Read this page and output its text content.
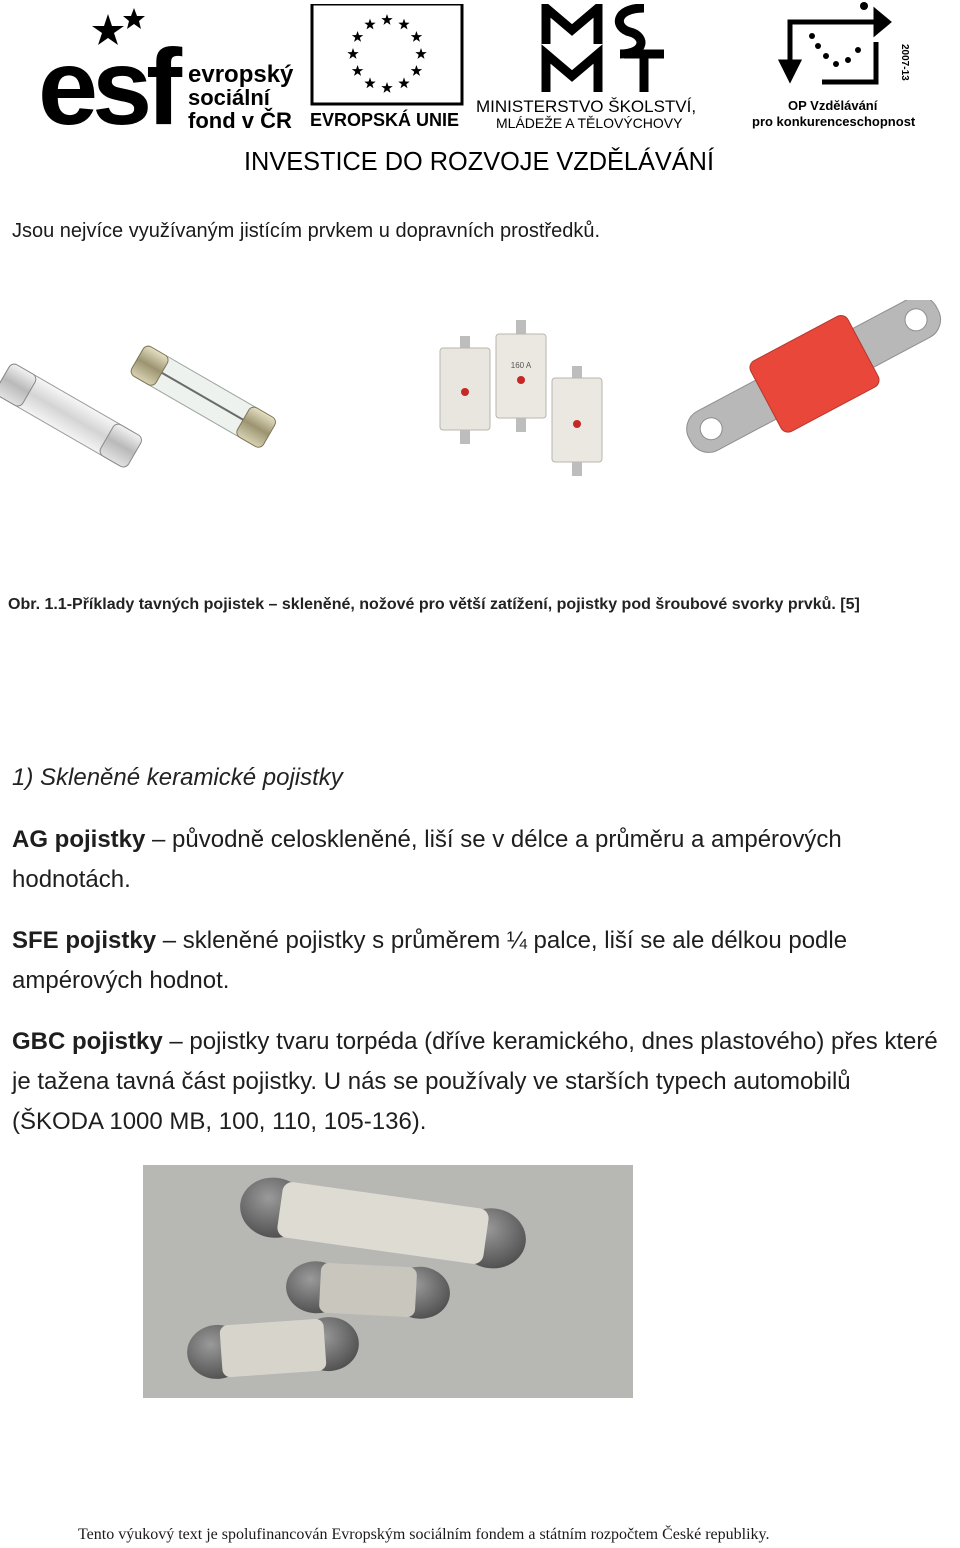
esf evropský
sociální
fond v ČR EVROPSKÁ UNIE
MINISTERSTVO ŠKOLSTVÍ,
MLÁDEŽE A TĚLOVÝCHOVY
2007-13
OP Vzdělávání
pro konkurenceschopnost
INVESTICE DO ROZVOJE VZDĚLÁVÁNÍ
Jsou nejvíce využívaným jistícím prvkem u dopravních prostředků.
160 A
Obr. 1.1-Příklady tavných pojistek – skleněné, nožové pro větší zatížení, pojistky pod šroubové svorky prvků. [5]
1) Skleněné keramické pojistky
AG pojistky – původně celoskleněné, liší se v délce a průměru a ampérových hodnotách.
SFE pojistky – skleněné pojistky s průměrem ¼ palce, liší se ale délkou podle ampérových hodnot.
GBC pojistky – pojistky tvaru torpéda (dříve keramického, dnes plastového) přes které je tažena tavná část pojistky. U nás se používaly ve starších typech automobilů (ŠKODA 1000 MB, 100, 110, 105-136).
Tento výukový text je spolufinancován Evropským sociálním fondem a státním rozpočtem České republiky.
